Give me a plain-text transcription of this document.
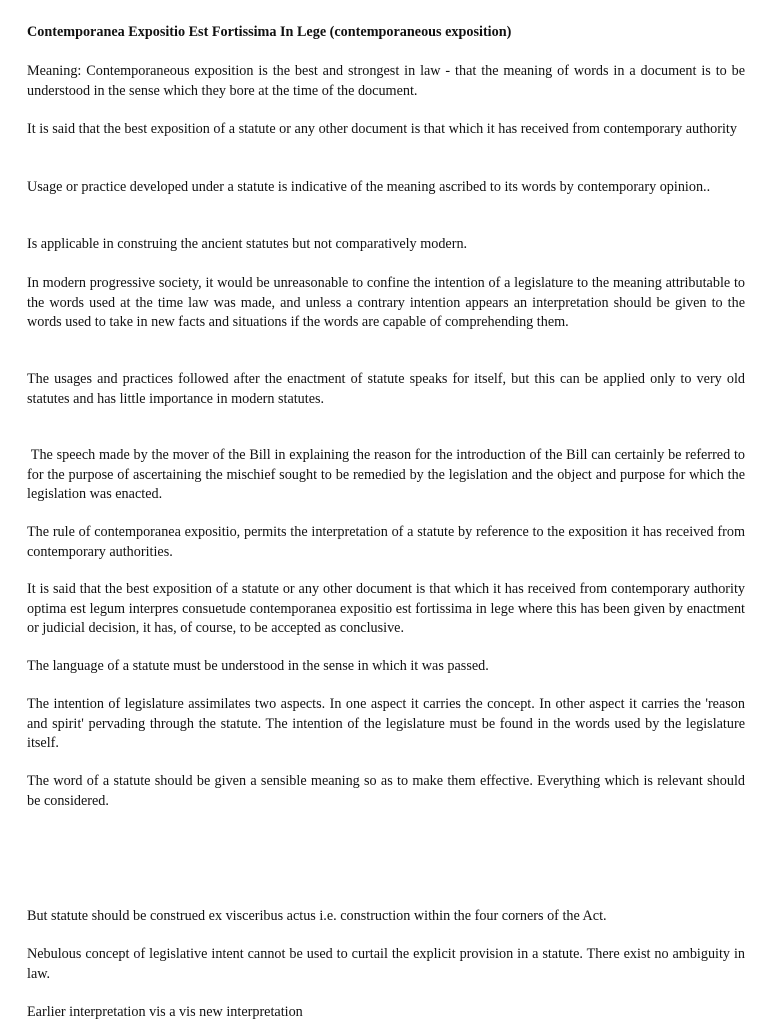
Contemporanea Expositio Est Fortissima In Lege (contemporaneous exposition)

Meaning: Contemporaneous exposition is the best and strongest in law - that the meaning of words in a document is to be understood in the sense which they bore at the time of the document.

It is said that the best exposition of a statute or any other document is that which it has received from contemporary authority

Usage or practice developed under a statute is indicative of the meaning ascribed to its words by contemporary opinion..

Is applicable in construing the ancient statutes but not comparatively modern.

In modern progressive society, it would be unreasonable to confine the intention of a legislature to the meaning attributable to the words used at the time law was made, and unless a contrary intention appears an interpretation should be given to the words used to take in new facts and situations if the words are capable of comprehending them.

The usages and practices followed after the enactment of statute speaks for itself, but this can be applied only to very old statutes and has little importance in modern statutes.

The speech made by the mover of the Bill in explaining the reason for the introduction of the Bill can certainly be referred to for the purpose of ascertaining the mischief sought to be remedied by the legislation and the object and purpose for which the legislation was enacted.

The rule of contemporanea expositio, permits the interpretation of a statute by reference to the exposition it has received from contemporary authorities.

It is said that the best exposition of a statute or any other document is that which it has received from contemporary authority optima est legum interpres consuetude contemporanea expositio est fortissima in lege where this has been given by enactment or judicial decision, it has, of course, to be accepted as conclusive.

The language of a statute must be understood in the sense in which it was passed.

The intention of legislature assimilates two aspects. In one aspect it carries the concept. In other aspect it carries the 'reason and spirit' pervading through the statute. The intention of the legislature must be found in the words used by the legislature itself.

The word of a statute should be given a sensible meaning so as to make them effective. Everything which is relevant should be considered.

But statute should be construed ex visceribus actus i.e. construction within the four corners of the Act.

Nebulous concept of legislative intent cannot be used to curtail the explicit provision in a statute. There exist no ambiguity in law.

Earlier interpretation vis a vis new interpretation
